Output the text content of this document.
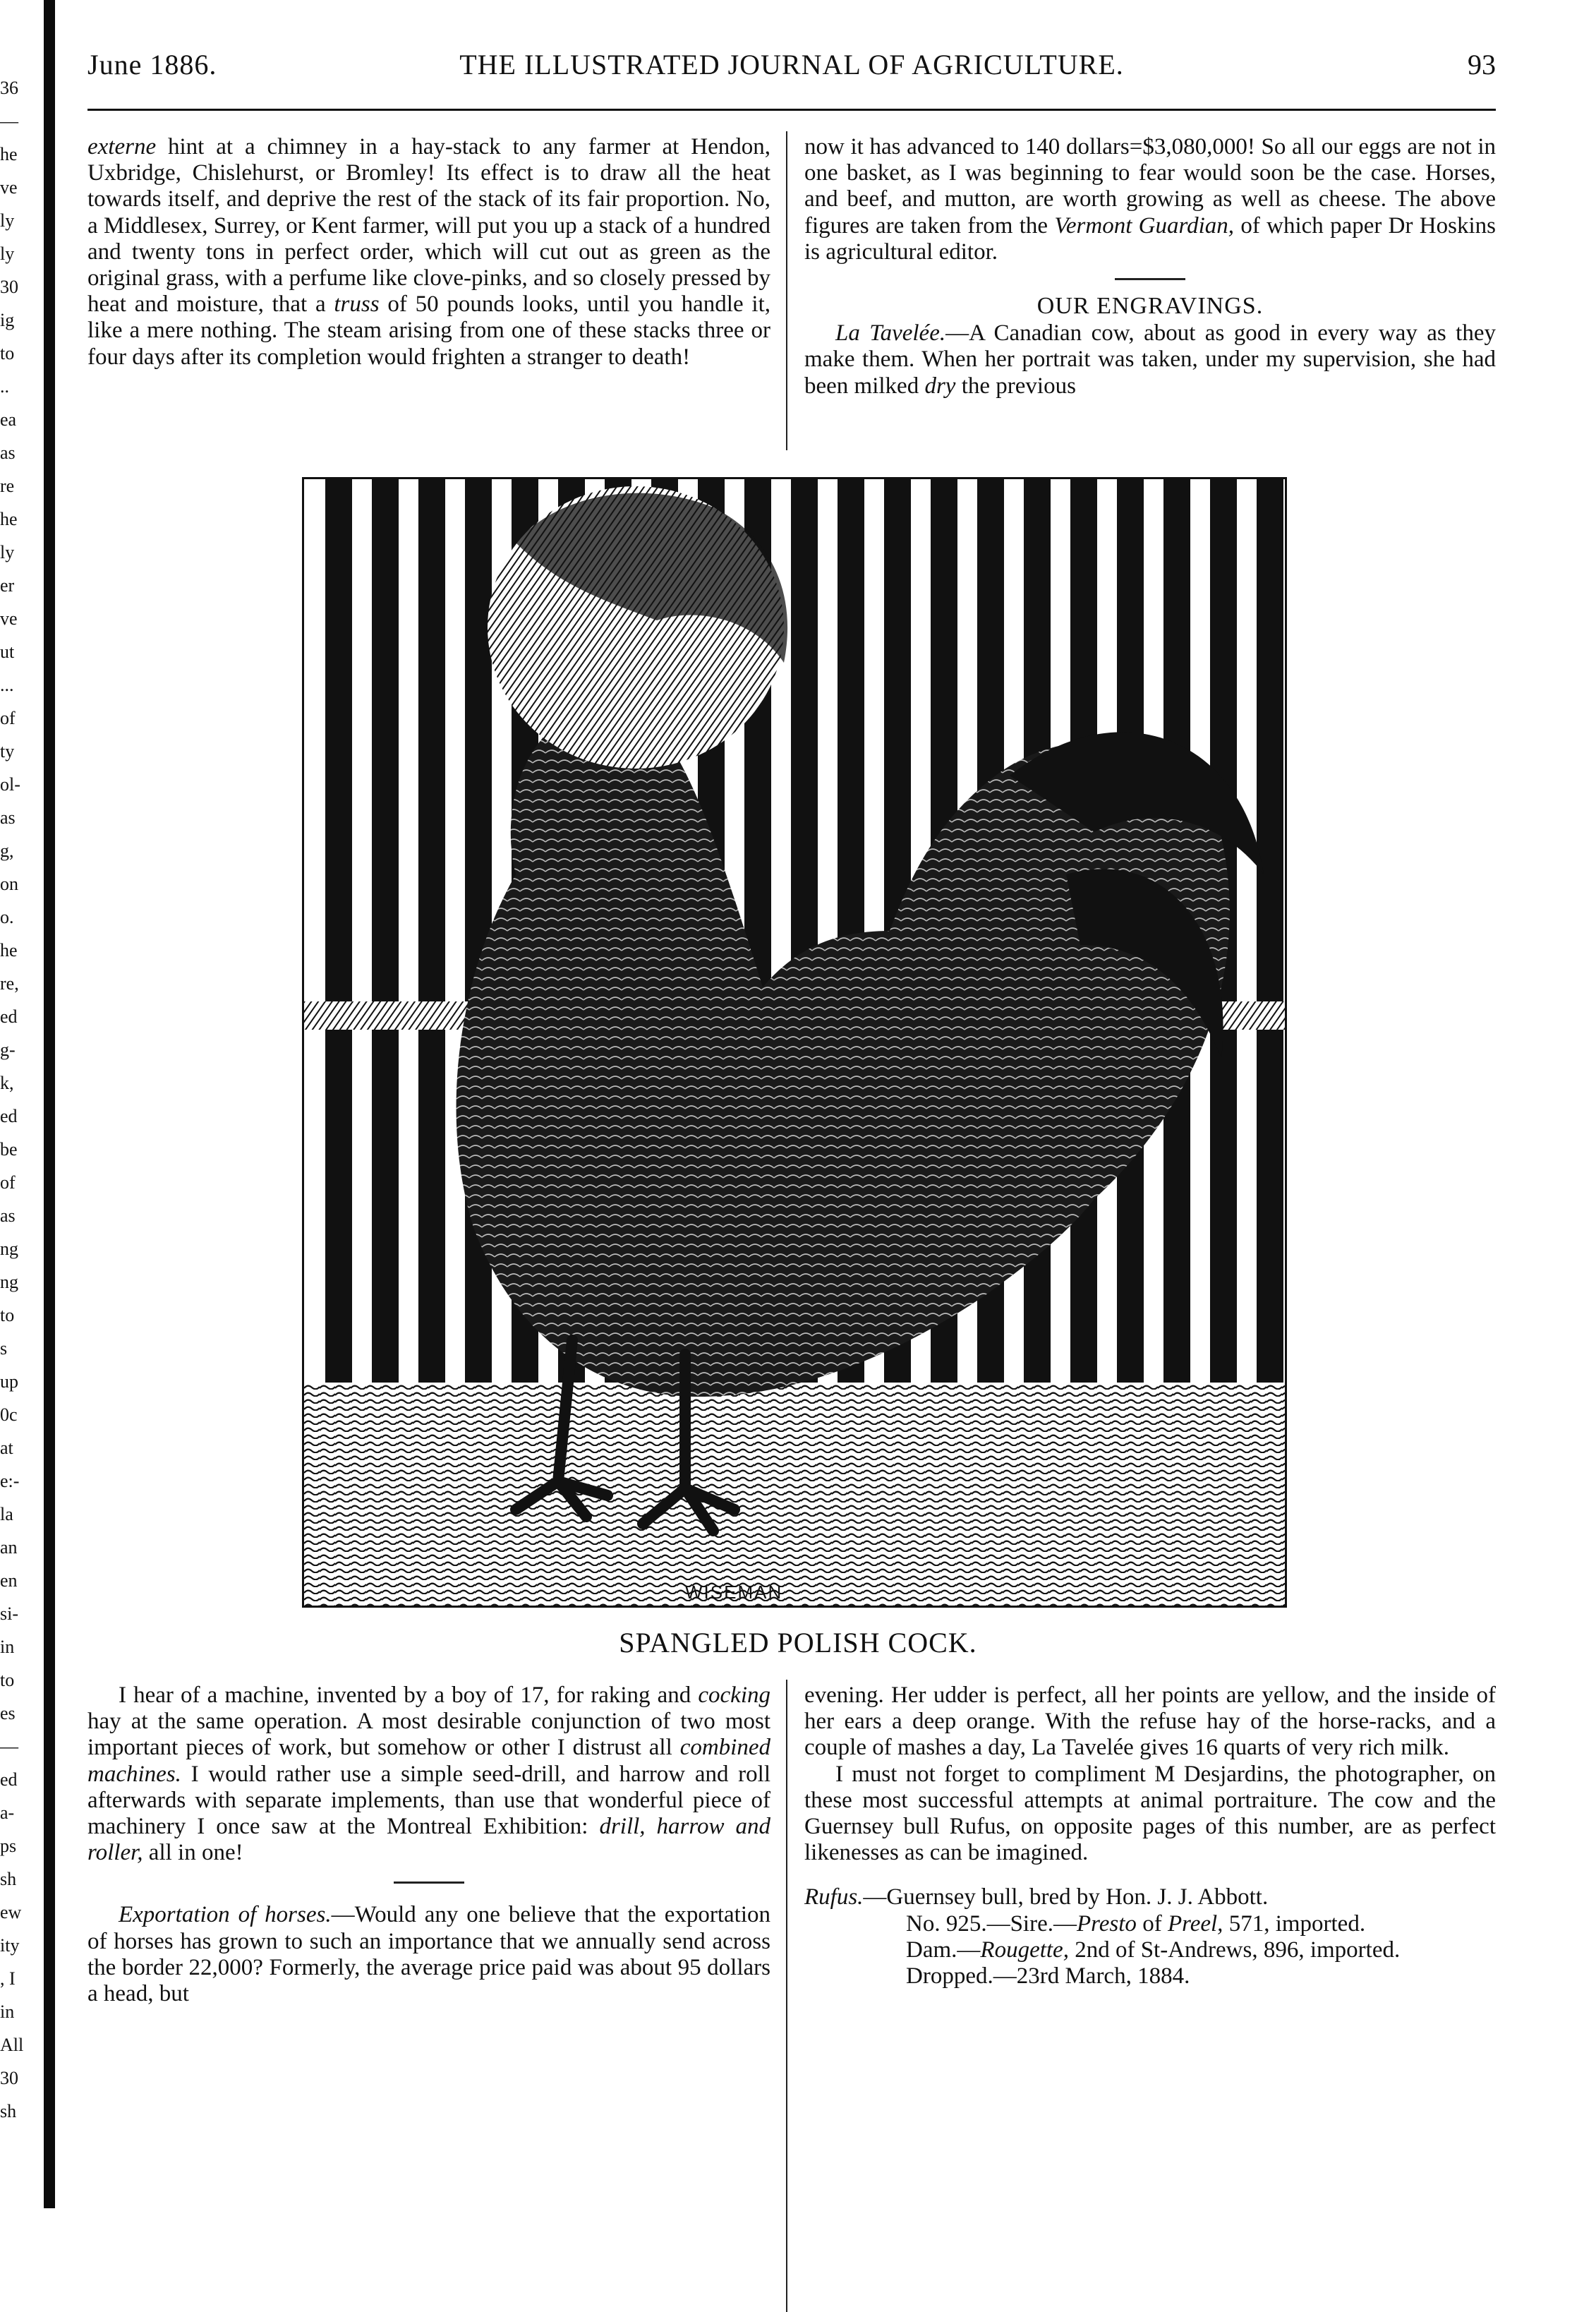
36
—
he
ve
ly
ly
30
ig
to
..
ea
as
re
he
ly
er
ve
ut
...
of
ty
ol-
as
g,
on
o.
he
re,
ed
g-
k,
ed
be
of
as
ng
ng
to
s
up
0c
at
e:-
la
an
en
si-
in
to
es
—
ed
a-
ps
sh
ew
ity
, I
in
All
30
sh
June 1886.	THE ILLUSTRATED JOURNAL OF AGRICULTURE.	93

externe hint at a chimney in a hay-stack to any farmer at Hendon, Uxbridge, Chislehurst, or Bromley! Its effect is to draw all the heat towards itself, and deprive the rest of the stack of its fair proportion. No, a Middlesex, Surrey, or Kent farmer, will put you up a stack of a hundred and twenty tons in perfect order, which will cut out as green as the original grass, with a perfume like clove-pinks, and so closely pressed by heat and moisture, that a truss of 50 pounds looks, until you handle it, like a mere nothing. The steam arising from one of these stacks three or four days after its completion would frighten a stranger to death!

now it has advanced to 140 dollars=$3,080,000! So all our eggs are not in one basket, as I was beginning to fear would soon be the case. Horses, and beef, and mutton, are worth growing as well as cheese. The above figures are taken from the Vermont Guardian, of which paper Dr Hoskins is agricultural editor.

OUR ENGRAVINGS.

La Tavelée.—A Canadian cow, about as good in every way as they make them. When her portrait was taken, under my supervision, she had been milked dry the previous

WISEMAN
SPANGLED POLISH COCK.

I hear of a machine, invented by a boy of 17, for raking and cocking hay at the same operation. A most desirable conjunction of two most important pieces of work, but somehow or other I distrust all combined machines. I would rather use a simple seed-drill, and harrow and roll afterwards with separate implements, than use that wonderful piece of machinery I once saw at the Montreal Exhibition: drill, harrow and roller, all in one!

Exportation of horses.—Would any one believe that the exportation of horses has grown to such an importance that we annually send across the border 22,000? Formerly, the average price paid was about 95 dollars a head, but

evening. Her udder is perfect, all her points are yellow, and the inside of her ears a deep orange. With the refuse hay of the horse-racks, and a couple of mashes a day, La Tavelée gives 16 quarts of very rich milk.

I must not forget to compliment M Desjardins, the photographer, on these most successful attempts at animal portraiture. The cow and the Guernsey bull Rufus, on opposite pages of this number, are as perfect likenesses as can be imagined.

Rufus.—Guernsey bull, bred by Hon. J. J. Abbott.

No. 925.—Sire.—Presto of Preel, 571, imported.

Dam.—Rougette, 2nd of St-Andrews, 896, imported.

Dropped.—23rd March, 1884.
